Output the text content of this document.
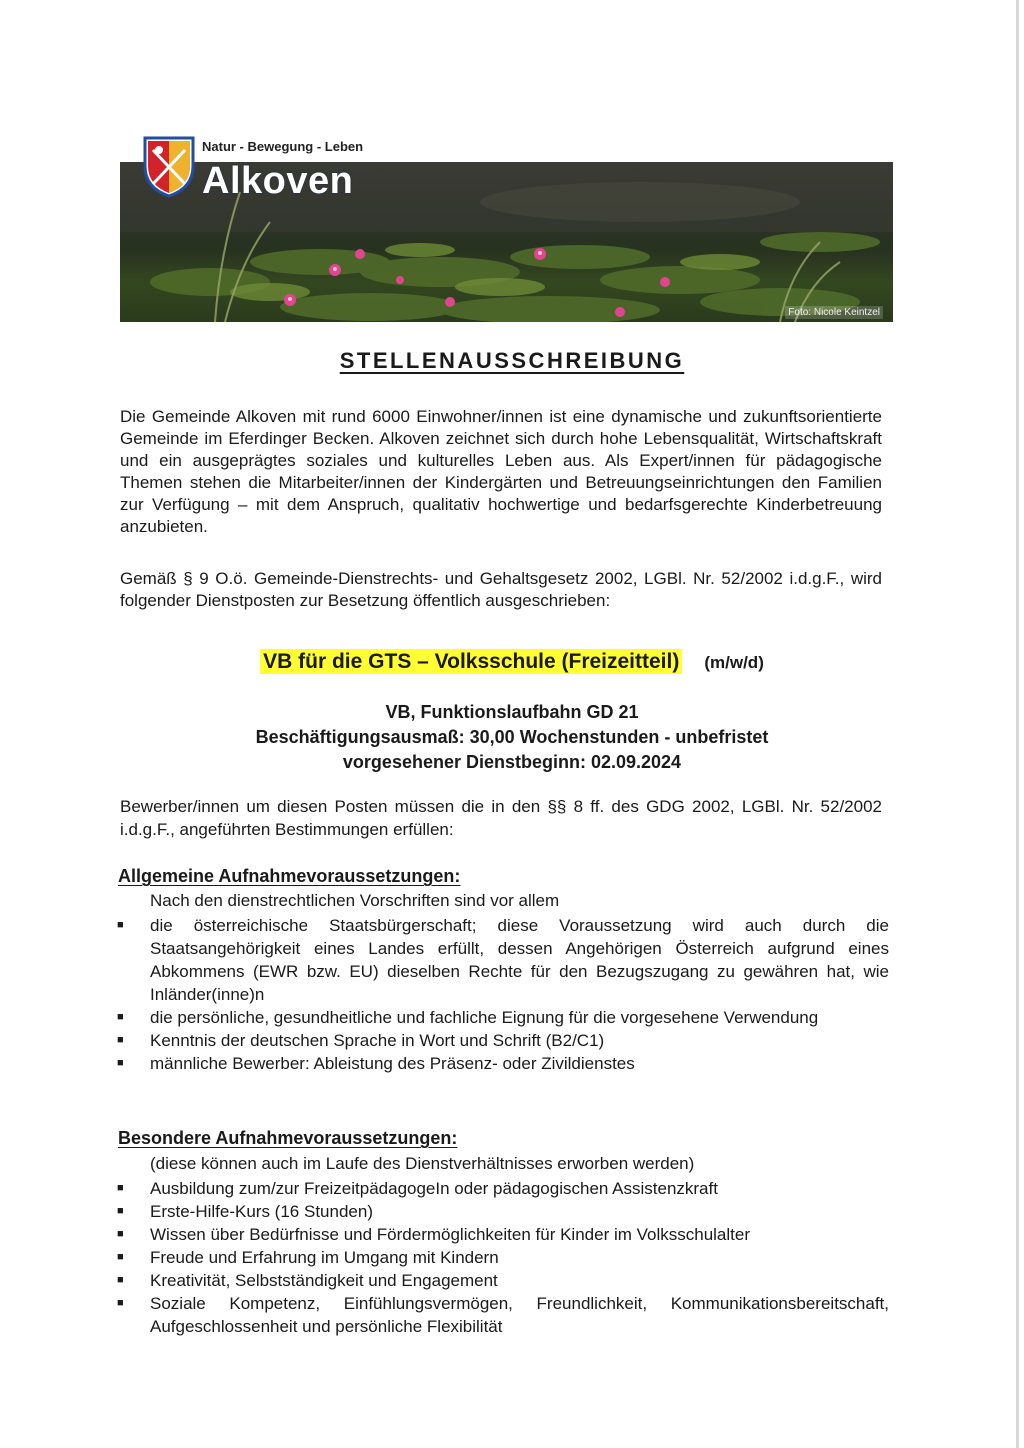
Natur - Bewegung - Leben
Foto: Nicole Keintzel
Alkoven
STELLENAUSSCHREIBUNG

Die Gemeinde Alkoven mit rund 6000 Einwohner/innen ist eine dynamische und zukunftsorientierte Gemeinde im Eferdinger Becken. Alkoven zeichnet sich durch hohe Lebensqualität, Wirtschaftskraft und ein ausgeprägtes soziales und kulturelles Leben aus. Als Expert/innen für pädagogische Themen stehen die Mitarbeiter/innen der Kindergärten und Betreuungseinrichtungen den Familien zur Verfügung – mit dem Anspruch, qualitativ hochwertige und bedarfsgerechte Kinderbetreuung anzubieten.

Gemäß § 9 O.ö. Gemeinde-Dienstrechts- und Gehaltsgesetz 2002, LGBl. Nr. 52/2002 i.d.g.F., wird folgender Dienstposten zur Besetzung öffentlich ausgeschrieben:

VB für die GTS – Volksschule (Freizeitteil) (m/w/d)
VB, Funktionslaufbahn GD 21
Beschäftigungsausmaß: 30,00 Wochenstunden - unbefristet
vorgesehener Dienstbeginn: 02.09.2024

Bewerber/innen um diesen Posten müssen die in den §§ 8 ff. des GDG 2002, LGBl. Nr. 52/2002 i.d.g.F., angeführten Bestimmungen erfüllen:

Allgemeine Aufnahmevoraussetzungen:
Nach den dienstrechtlichen Vorschriften sind vor allem
■ die österreichische Staatsbürgerschaft; diese Voraussetzung wird auch durch die Staatsangehörigkeit eines Landes erfüllt, dessen Angehörigen Österreich aufgrund eines Abkommens (EWR bzw. EU) dieselben Rechte für den Bezugszugang zu gewähren hat, wie Inländer(inne)n
■ die persönliche, gesundheitliche und fachliche Eignung für die vorgesehene Verwendung
■ Kenntnis der deutschen Sprache in Wort und Schrift (B2/C1)
■ männliche Bewerber: Ableistung des Präsenz- oder Zivildienstes
Besondere Aufnahmevoraussetzungen:
(diese können auch im Laufe des Dienstverhältnisses erworben werden)
■ Ausbildung zum/zur FreizeitpädagogeIn oder pädagogischen Assistenzkraft
■ Erste-Hilfe-Kurs (16 Stunden)
■ Wissen über Bedürfnisse und Fördermöglichkeiten für Kinder im Volksschulalter
■ Freude und Erfahrung im Umgang mit Kindern
■ Kreativität, Selbstständigkeit und Engagement
■ Soziale Kompetenz, Einfühlungsvermögen, Freundlichkeit, Kommunikationsbereitschaft, Aufgeschlossenheit und persönliche Flexibilität
